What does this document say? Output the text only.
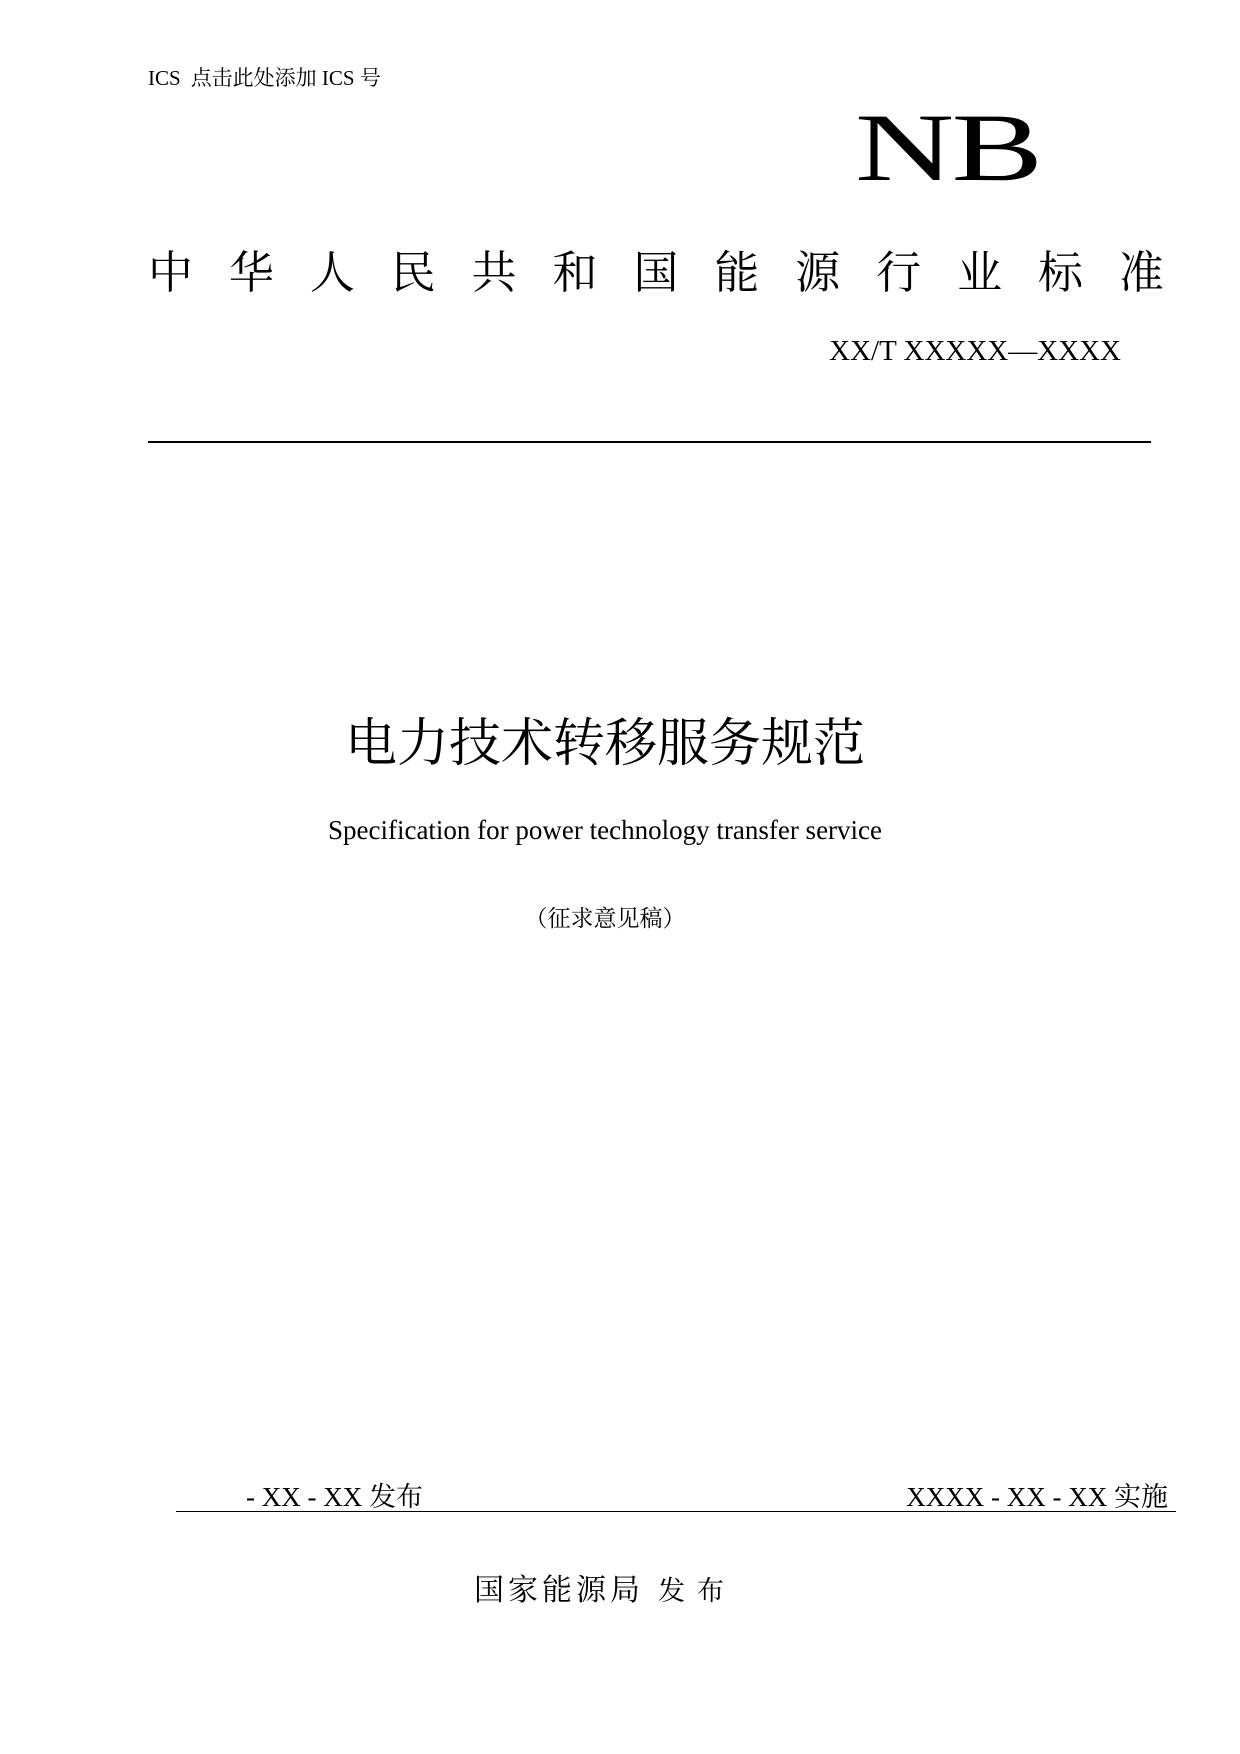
ICS 点击此处添加 ICS 号
NB
中 华 人 民 共 和 国 能 源 行 业 标 准
XX/T XXXXX—XXXX
电力技术转移服务规范
Specification for power technology transfer service
（征求意见稿）
- XX - XX 发布	XXXX - XX - XX 实施
国家能源局 发布
